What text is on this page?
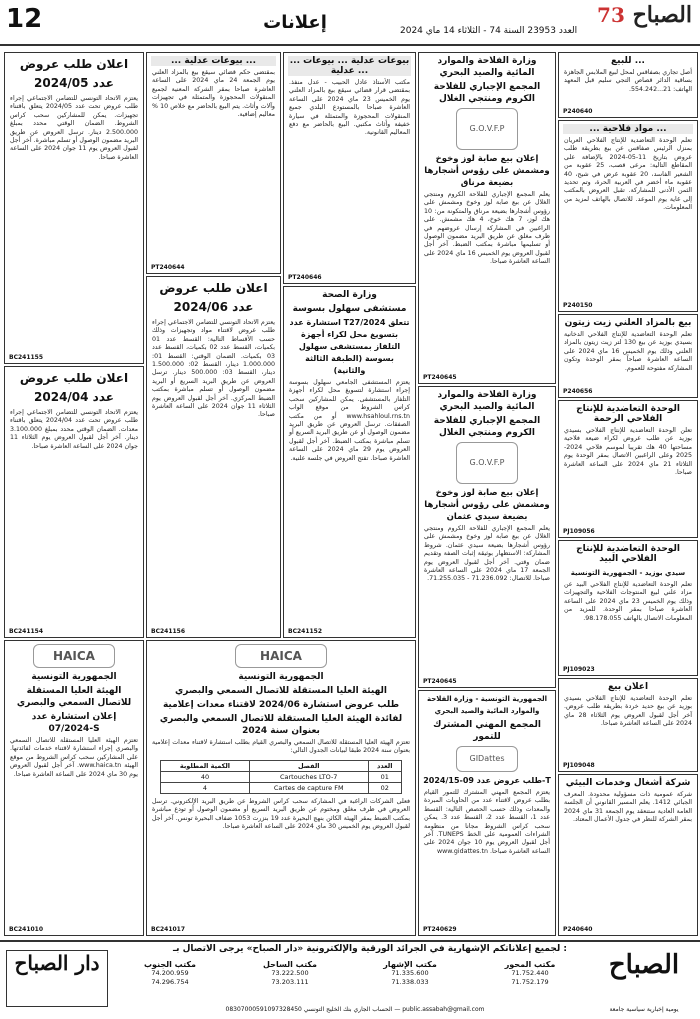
12	إعلانات	العدد 23953 السنة 74 - الثلاثاء 14 ماي 2024
73 الصباح
للبيع ...
أصل تجاري بصفاقس لمحل لبيع الملابس الجاهزة بساقية الدائر قصاص التجي سليم قبل المعهد الهاتف: 21...554.242.
P240640
... مواد فلاحية ...
تعلم الوحدة التعاضدية للإنتاج الفلاحي العريان بمنزل الرئيس صفاقس عن بيع بطريقة طلب عروض بتاريخ 11-05-2024 بالإضافة على المقاطع التالية: مرعى قصب، 25 عقوبة من الشعير الفاسد، 20 عقوبة غرض في شيح، 40 عقوبة ماء أخضر في العربية الحرة، وتم تحديد الثمن الأدنى للمشاركة. تقبل العروض بالمكتب إلى غاية يوم الموعد. للاتصال بالهاتف لمزيد من المعلومات.
P240150
بيع بالمزاد العلني زيت زيتون
تعلم الوحدة التعاضدية للإنتاج الفلاحي الدخانية بسيدي بوزيد عن بيع 130 لتر زيت زيتون بالمزاد العلني وذلك يوم الخميس 16 ماي 2024 على الساعة العاشرة صباحاً بمقر الوحدة وتكون المشاركة مفتوحة للعموم.
P240656
الوحدة التعاضدية للإنتاج الفلاحي الرحمة
تعلن الوحدة التعاضدية للإنتاج الفلاحي بسيدي بوزيد عن طلب عروض لكراء ضيعة فلاحية مساحتها 40 هك تقريبا لموسم فلاحي 2024-2025 وعلى الراغبين الاتصال بمقر الوحدة يوم الثلاثاء 21 ماي 2024 على الساعة العاشرة صباحا.
PJ109056
الوحدة التعاضدية للإنتاج الفلاحي البيد
سيدي بوزيد - الجمهورية التونسية
تعلم الوحدة التعاضدية للإنتاج الفلاحي البيد عن مزاد علني لبيع المنتوجات الفلاحية والتجهيزات وذلك يوم الخميس 23 ماي 2024 على الساعة العاشرة صباحا بمقر الوحدة. للمزيد من المعلومات الاتصال بالهاتف 98.178.055.
PJ109023
اعلان بيع
تعلم الوحدة التعاضدية للإنتاج الفلاحي بسيدي بوزيد عن بيع حديد خردة بطريقة طلب عروض. آخر أجل لقبول العروض يوم الثلاثاء 28 ماي 2024 على الساعة العاشرة صباحا.
PJ109048
شركة أشغال وخدمات البيئي
شركة عمومية ذات مسؤولية محدودة. المعرف الجبائي 1412. يعلم المسير القانوني أن الجلسة العامة العادية ستنعقد يوم الجمعة 31 ماي 2024 بمقر الشركة للنظر في جدول الأعمال المعتاد.
P240640
وزارة الفلاحة والموارد المائية والصيد البحري
المجمع الإجباري للفلاحة الكروم ومنتجي الغلال
G.O.V.F.P
إعلان بيع صابة لوز وخوخ ومشمش على رؤوس أشجارها بضيعة مرناق
يعلم المجمع الإجباري للفلاحة الكروم ومنتجي الغلال عن بيع صابة لوز وخوخ ومشمش على رؤوس أشجارها بضيعة مرناق والمتكونة من: 10 هك لوز، 7 هك خوخ، 4 هك مشمش. على الراغبين في المشاركة إرسال عروضهم في ظرف مغلق عن طريق البريد مضمون الوصول أو تسليمها مباشرة بمكتب الضبط. آخر أجل لقبول العروض يوم الخميس 16 ماي 2024 على الساعة العاشرة صباحا.
PT240645
وزارة الفلاحة والموارد المائية والصيد البحري
المجمع الإجباري للفلاحة الكروم ومنتجي الغلال
G.O.V.F.P
إعلان بيع صابة لوز وخوخ ومشمش على رؤوس أشجارها بضيعة سيدي عثمان
يعلم المجمع الإجباري للفلاحة الكروم ومنتجي الغلال عن بيع صابة لوز وخوخ ومشمش على رؤوس أشجارها بضيعة سيدي عثمان. شروط المشاركة: الاستظهار بوثيقة إثبات الصفة وتقديم ضمان وقتي. آخر أجل لقبول العروض يوم الجمعة 17 ماي 2024 على الساعة العاشرة صباحا. للاتصال: 71.236.092 - 71.255.035.
PT240645
الجمهورية التونسية - وزارة الفلاحة والموارد المائية والصيد البحري
المجمع المهني المشترك للتمور
GIDattes
طلب عروض عدد 09-2024/15-T
يعتزم المجمع المهني المشترك للتمور القيام بطلب عروض لاقتناء عدد من الحاويات المبردة والمعدات وذلك حسب الحصص التالية: القسط عدد 1، القسط عدد 2، القسط عدد 3. يمكن سحب كراس الشروط مجانا من منظومة الشراءات العمومية على الخط TUNEPS. آخر أجل لقبول العروض يوم 10 جوان 2024 على الساعة العاشرة صباحا. www.gidattes.tn
PT240629
... بيوعات عدلية ... بيوعات عدلية ...
مكتب الأستاذ عادل الحبيب - عدل منفذ. بمقتضى قرار قضائي سيقع بيع بالمزاد العلني يوم الخميس 23 ماي 2024 على الساعة العاشرة صباحا بالمستودع البلدي جميع المنقولات المحجوزة والمتمثلة في سيارة خفيفة وأثاث مكتبي. البيع بالحاضر مع دفع المعاليم القانونية.
PT240646
وزارة الصحة
مستشفى سهلول بسوسة
استشارة عدد T27/2024 تتعلق بتسويغ محل لكراء أجهزة التلفاز بمستشفى سهلول بسوسة (الطبقة الثالثة والثانية)
يعتزم المستشفى الجامعي سهلول بسوسة إجراء استشارة لتسويغ محل لكراء أجهزة التلفاز بالمستشفى. يمكن للمشاركين سحب كراس الشروط من موقع الواب www.hsahloul.rns.tn أو من مكتب الصفقات. ترسل العروض عن طريق البريد مضمون الوصول أو عن طريق البريد السريع أو تسلم مباشرة بمكتب الضبط. آخر أجل لقبول العروض يوم 29 ماي 2024 على الساعة العاشرة صباحا. تفتح العروض في جلسة علنية.
BC241152
... بيوعات عدلية ...
بمقتضى حكم قضائي سيقع بيع بالمزاد العلني يوم الجمعة 24 ماي 2024 على الساعة العاشرة صباحا بمقر الشركة المعنية لجميع المنقولات المحجوزة والمتمثلة في تجهيزات وآلات وأثاث. يتم البيع بالحاضر مع خلاص 10 % معاليم إضافية.
PT240644
اعلان طلب عروض
عدد 2024/06
يعتزم الاتحاد التونسي للتضامن الاجتماعي إجراء طلب عروض لاقتناء مواد وتجهيزات وذلك حسب الأقساط التالية: القسط عدد 01 بكميات، القسط عدد 02 بكميات، القسط عدد 03 بكميات. الضمان الوقتي: القسط 01: 1.000.000 دينار، القسط 02: 1.500.000 دينار، القسط 03: 500.000 دينار. ترسل العروض عن طريق البريد السريع أو البريد مضمون الوصول أو تسلم مباشرة بمكتب الضبط المركزي. آخر أجل لقبول العروض يوم الثلاثاء 11 جوان 2024 على الساعة العاشرة صباحا.
BC241156
HAICA
الجمهورية التونسية
الهيئة العليا المستقلة للاتصال السمعي والبصري
طلب عروض استشارة 2024/06 لاقتناء معدات إعلامية
لفائدة الهيئة العليا المستقلة للاتصال السمعي والبصري بعنوان سنة 2024
تعتزم الهيئة العليا المستقلة للاتصال السمعي والبصري القيام بطلب استشارة لاقتناء معدات إعلامية بعنوان سنة 2024 طبقا لبيانات الجدول التالي:
الكمية المطلوبة	الفصل	العدد
40	Cartouches LTO-7	01
4	Cartes de capture FM	02
فعلى الشركات الراغبة في المشاركة سحب كراس الشروط عن طريق البريد الإلكتروني. ترسل العروض في ظرف مغلق ومختوم عن طريق البريد السريع أو مضمون الوصول أو تودع مباشرة بمكتب الضبط بمقر الهيئة الكائن بنهج البحيرة عدد 19 بنزرت 1053 ضفاف البحيرة تونس. آخر أجل لقبول العروض يوم الخميس 30 ماي 2024 على الساعة العاشرة صباحا.
BC241017
اعلان طلب عروض
عدد 2024/05
يعتزم الاتحاد التونسي للتضامن الاجتماعي إجراء طلب عروض تحت عدد 2024/05 يتعلق باقتناء تجهيزات. يمكن للمشاركين سحب كراس الشروط. الضمان الوقتي محدد بمبلغ 2.500.000 دينار. ترسل العروض عن طريق البريد مضمون الوصول أو تسلم مباشرة. آخر أجل لقبول العروض يوم 11 جوان 2024 على الساعة العاشرة صباحا.
BC241155
اعلان طلب عروض
عدد 2024/04
يعتزم الاتحاد التونسي للتضامن الاجتماعي إجراء طلب عروض تحت عدد 2024/04 يتعلق باقتناء معدات. الضمان الوقتي محدد بمبلغ 3.100.000 دينار. آخر أجل لقبول العروض يوم الثلاثاء 11 جوان 2024 على الساعة العاشرة صباحا.
BC241154
HAICA
الجمهورية التونسية
الهيئة العليا المستقلة للاتصال السمعي والبصري
إعلان استشارة عدد 07/2024-S
تعتزم الهيئة العليا المستقلة للاتصال السمعي والبصري إجراء استشارة لاقتناء خدمات لفائدتها. على المشاركين سحب كراس الشروط من موقع الهيئة www.haica.tn. آخر أجل لقبول العروض يوم 30 ماي 2024 على الساعة العاشرة صباحا.
BC241010
دار الصباح
لجميع إعلاناتكم الإشهارية في الجرائد الورقية والإلكترونية «دار الصباح» يرجى الاتصال بـ :
مكتب الجنوب
74.200.959
74.296.754
مكتب الساحل
73.222.500
73.203.111
مكتب الإشهار
71.335.600
71.338.033
مكتب المحور
71.752.440
71.752.179
الصباح
الحساب الجاري بنك الخليج التونسي 08307000591097328450 — public.assabah@gmail.com	يومية إخبارية سياسية جامعة
